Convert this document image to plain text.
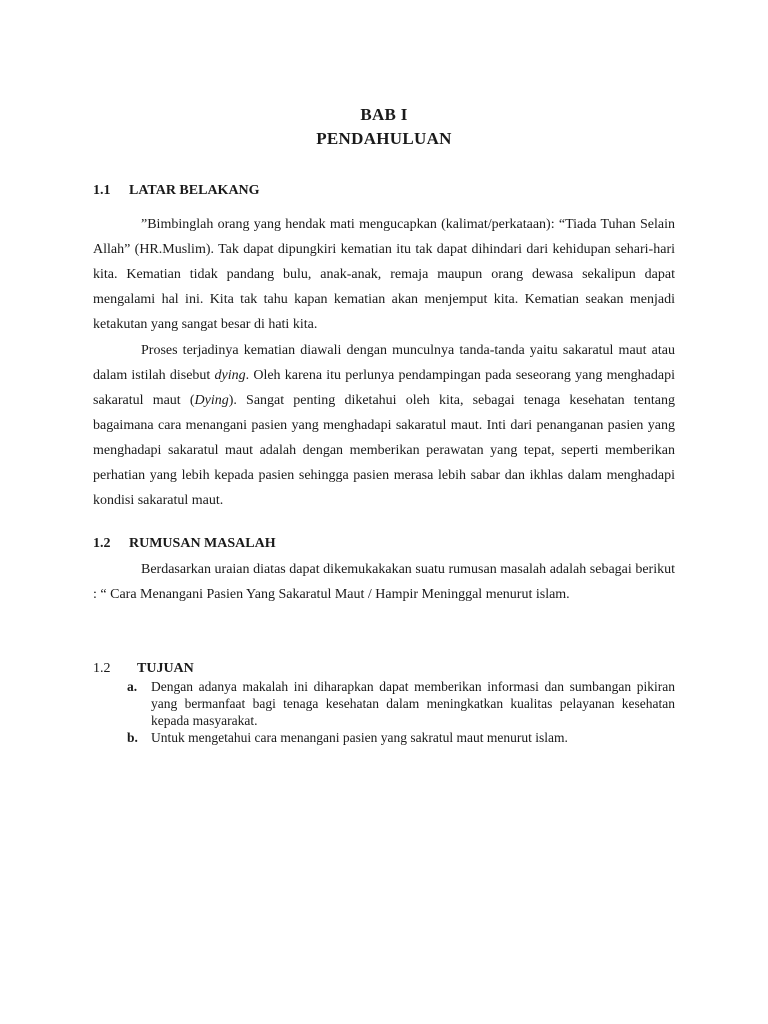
BAB I
PENDAHULUAN
1.1 LATAR BELAKANG
”Bimbinglah orang yang hendak mati mengucapkan (kalimat/perkataan): “Tiada Tuhan Selain Allah” (HR.Muslim). Tak dapat dipungkiri kematian itu tak dapat dihindari dari kehidupan sehari-hari kita. Kematian tidak pandang bulu, anak-anak, remaja maupun orang dewasa sekalipun dapat mengalami hal ini. Kita tak tahu kapan kematian akan menjemput kita. Kematian seakan menjadi ketakutan yang sangat besar di hati kita.
Proses terjadinya kematian diawali dengan munculnya tanda-tanda yaitu sakaratul maut atau dalam istilah disebut dying. Oleh karena itu perlunya pendampingan pada seseorang yang menghadapi sakaratul maut (Dying). Sangat penting diketahui oleh kita, sebagai tenaga kesehatan tentang bagaimana cara menangani pasien yang menghadapi sakaratul maut. Inti dari penanganan pasien yang menghadapi sakaratul maut adalah dengan memberikan perawatan yang tepat, seperti memberikan perhatian yang lebih kepada pasien sehingga pasien merasa lebih sabar dan ikhlas dalam menghadapi kondisi sakaratul maut.
1.2 RUMUSAN MASALAH
Berdasarkan uraian diatas dapat dikemukakakan suatu rumusan masalah adalah sebagai berikut : “ Cara Menangani Pasien Yang Sakaratul Maut / Hampir Meninggal menurut islam.
1.2 TUJUAN
a. Dengan adanya makalah ini diharapkan dapat memberikan informasi dan sumbangan pikiran yang bermanfaat bagi tenaga kesehatan dalam meningkatkan kualitas pelayanan kesehatan kepada masyarakat.
b. Untuk mengetahui cara menangani pasien yang sakratul maut menurut islam.
